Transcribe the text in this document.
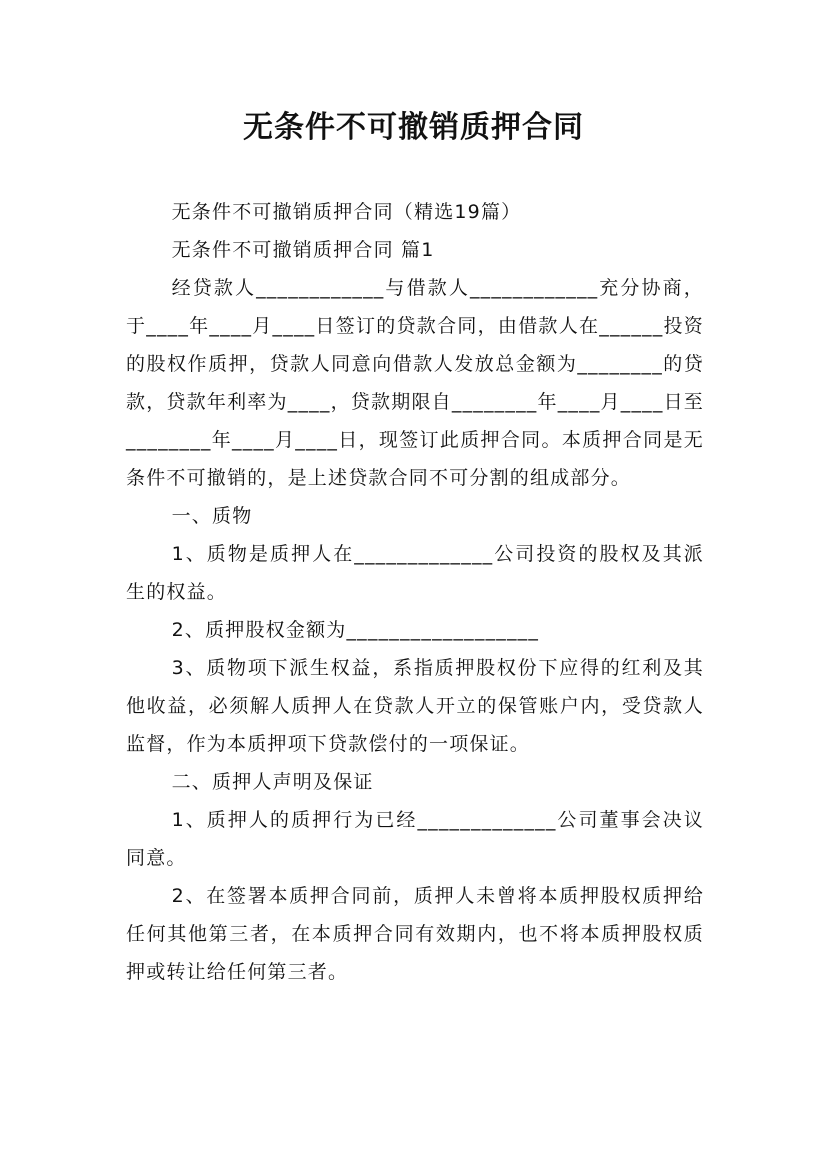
无条件不可撤销质押合同

无条件不可撤销质押合同（精选19篇）

无条件不可撤销质押合同 篇1

经贷款人____________与借款人____________充分协商，于____年____月____日签订的贷款合同，由借款人在______投资的股权作质押，贷款人同意向借款人发放总金额为________的贷款，贷款年利率为____，贷款期限自________年____月____日至________年____月____日，现签订此质押合同。本质押合同是无条件不可撤销的，是上述贷款合同不可分割的组成部分。

一、质物

1、质物是质押人在_____________公司投资的股权及其派生的权益。

2、质押股权金额为__________________

3、质物项下派生权益，系指质押股权份下应得的红利及其他收益，必须解人质押人在贷款人开立的保管账户内，受贷款人监督，作为本质押项下贷款偿付的一项保证。

二、质押人声明及保证

1、质押人的质押行为已经_____________公司董事会决议同意。

2、在签署本质押合同前，质押人未曾将本质押股权质押给任何其他第三者，在本质押合同有效期内，也不将本质押股权质押或转让给任何第三者。
